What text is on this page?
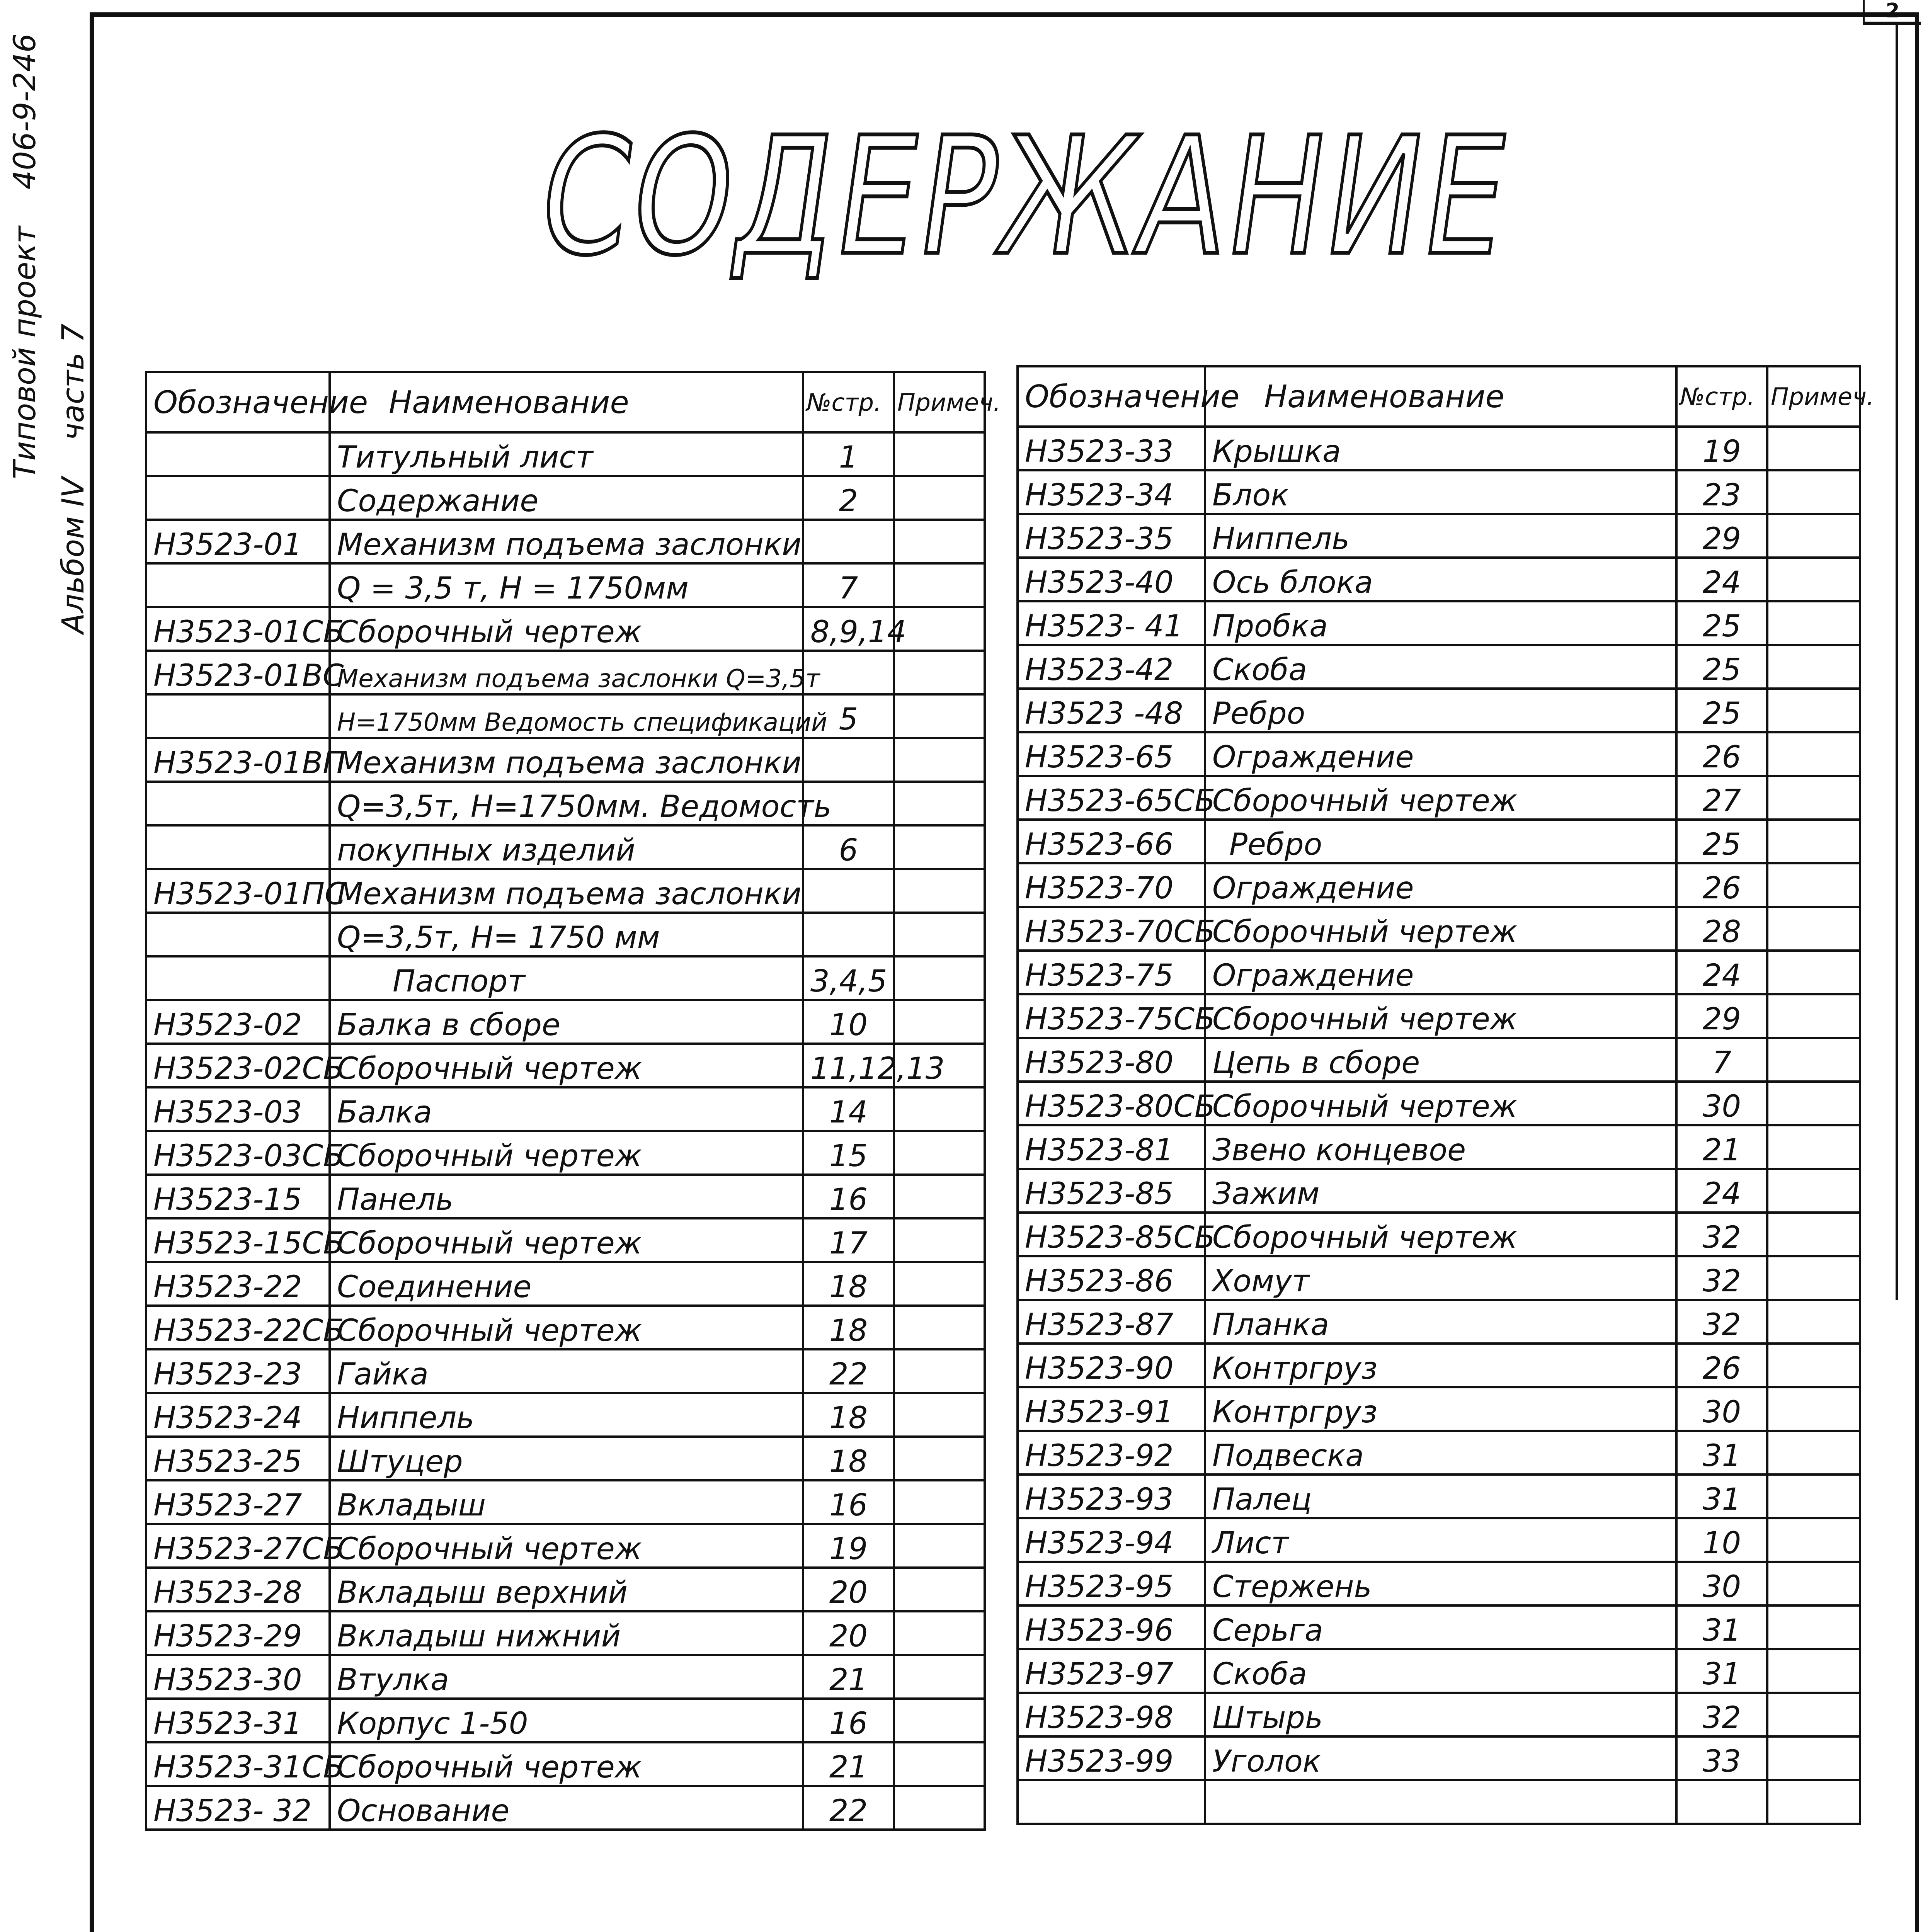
2
Типовой проект 406-9-246
Альбом IV часть 7
СОДЕРЖАНИЕ
Обозначение	Наименование	№стр.	Примеч.
	Титульный лист	1	
	Содержание	2	
Н3523-01	Механизм подъема заслонки		
	Q = 3,5 т, Н = 1750мм	7	
Н3523-01СБ	Сборочный чертеж	8,9,14	
Н3523-01ВС	Механизм подъема заслонки Q=3,5т		
	Н=1750мм Ведомость спецификаций	5	
Н3523-01ВП	Механизм подъема заслонки		
	Q=3,5т, Н=1750мм. Ведомость		
	покупных изделий	6	
Н3523-01ПС	Механизм подъема заслонки		
	Q=3,5т, Н= 1750 мм		
	Паспорт	3,4,5	
Н3523-02	Балка в сборе	10	
Н3523-02СБ	Сборочный чертеж	11,12,13	
Н3523-03	Балка	14	
Н3523-03СБ	Сборочный чертеж	15	
Н3523-15	Панель	16	
Н3523-15СБ	Сборочный чертеж	17	
Н3523-22	Соединение	18	
Н3523-22СБ	Сборочный чертеж	18	
Н3523-23	Гайка	22	
Н3523-24	Ниппель	18	
Н3523-25	Штуцер	18	
Н3523-27	Вкладыш	16	
Н3523-27СБ	Сборочный чертеж	19	
Н3523-28	Вкладыш верхний	20	
Н3523-29	Вкладыш нижний	20	
Н3523-30	Втулка	21	
Н3523-31	Корпус 1-50	16	
Н3523-31СБ	Сборочный чертеж	21	
Н3523- 32	Основание	22	
Обозначение	Наименование	№стр.	Примеч.
Н3523-33	Крышка	19	
Н3523-34	Блок	23	
Н3523-35	Ниппель	29	
Н3523-40	Ось блока	24	
Н3523- 41	Пробка	25	
Н3523-42	Скоба	25	
Н3523 -48	Ребро	25	
Н3523-65	Ограждение	26	
Н3523-65СБ	Сборочный чертеж	27	
Н3523-66	Ребро	25	
Н3523-70	Ограждение	26	
Н3523-70СБ	Сборочный чертеж	28	
Н3523-75	Ограждение	24	
Н3523-75СБ	Сборочный чертеж	29	
Н3523-80	Цепь в сборе	7	
Н3523-80СБ	Сборочный чертеж	30	
Н3523-81	Звено концевое	21	
Н3523-85	Зажим	24	
Н3523-85СБ	Сборочный чертеж	32	
Н3523-86	Хомут	32	
Н3523-87	Планка	32	
Н3523-90	Контргруз	26	
Н3523-91	Контргруз	30	
Н3523-92	Подвеска	31	
Н3523-93	Палец	31	
Н3523-94	Лист	10	
Н3523-95	Стержень	30	
Н3523-96	Серьга	31	
Н3523-97	Скоба	31	
Н3523-98	Штырь	32	
Н3523-99	Уголок	33	
